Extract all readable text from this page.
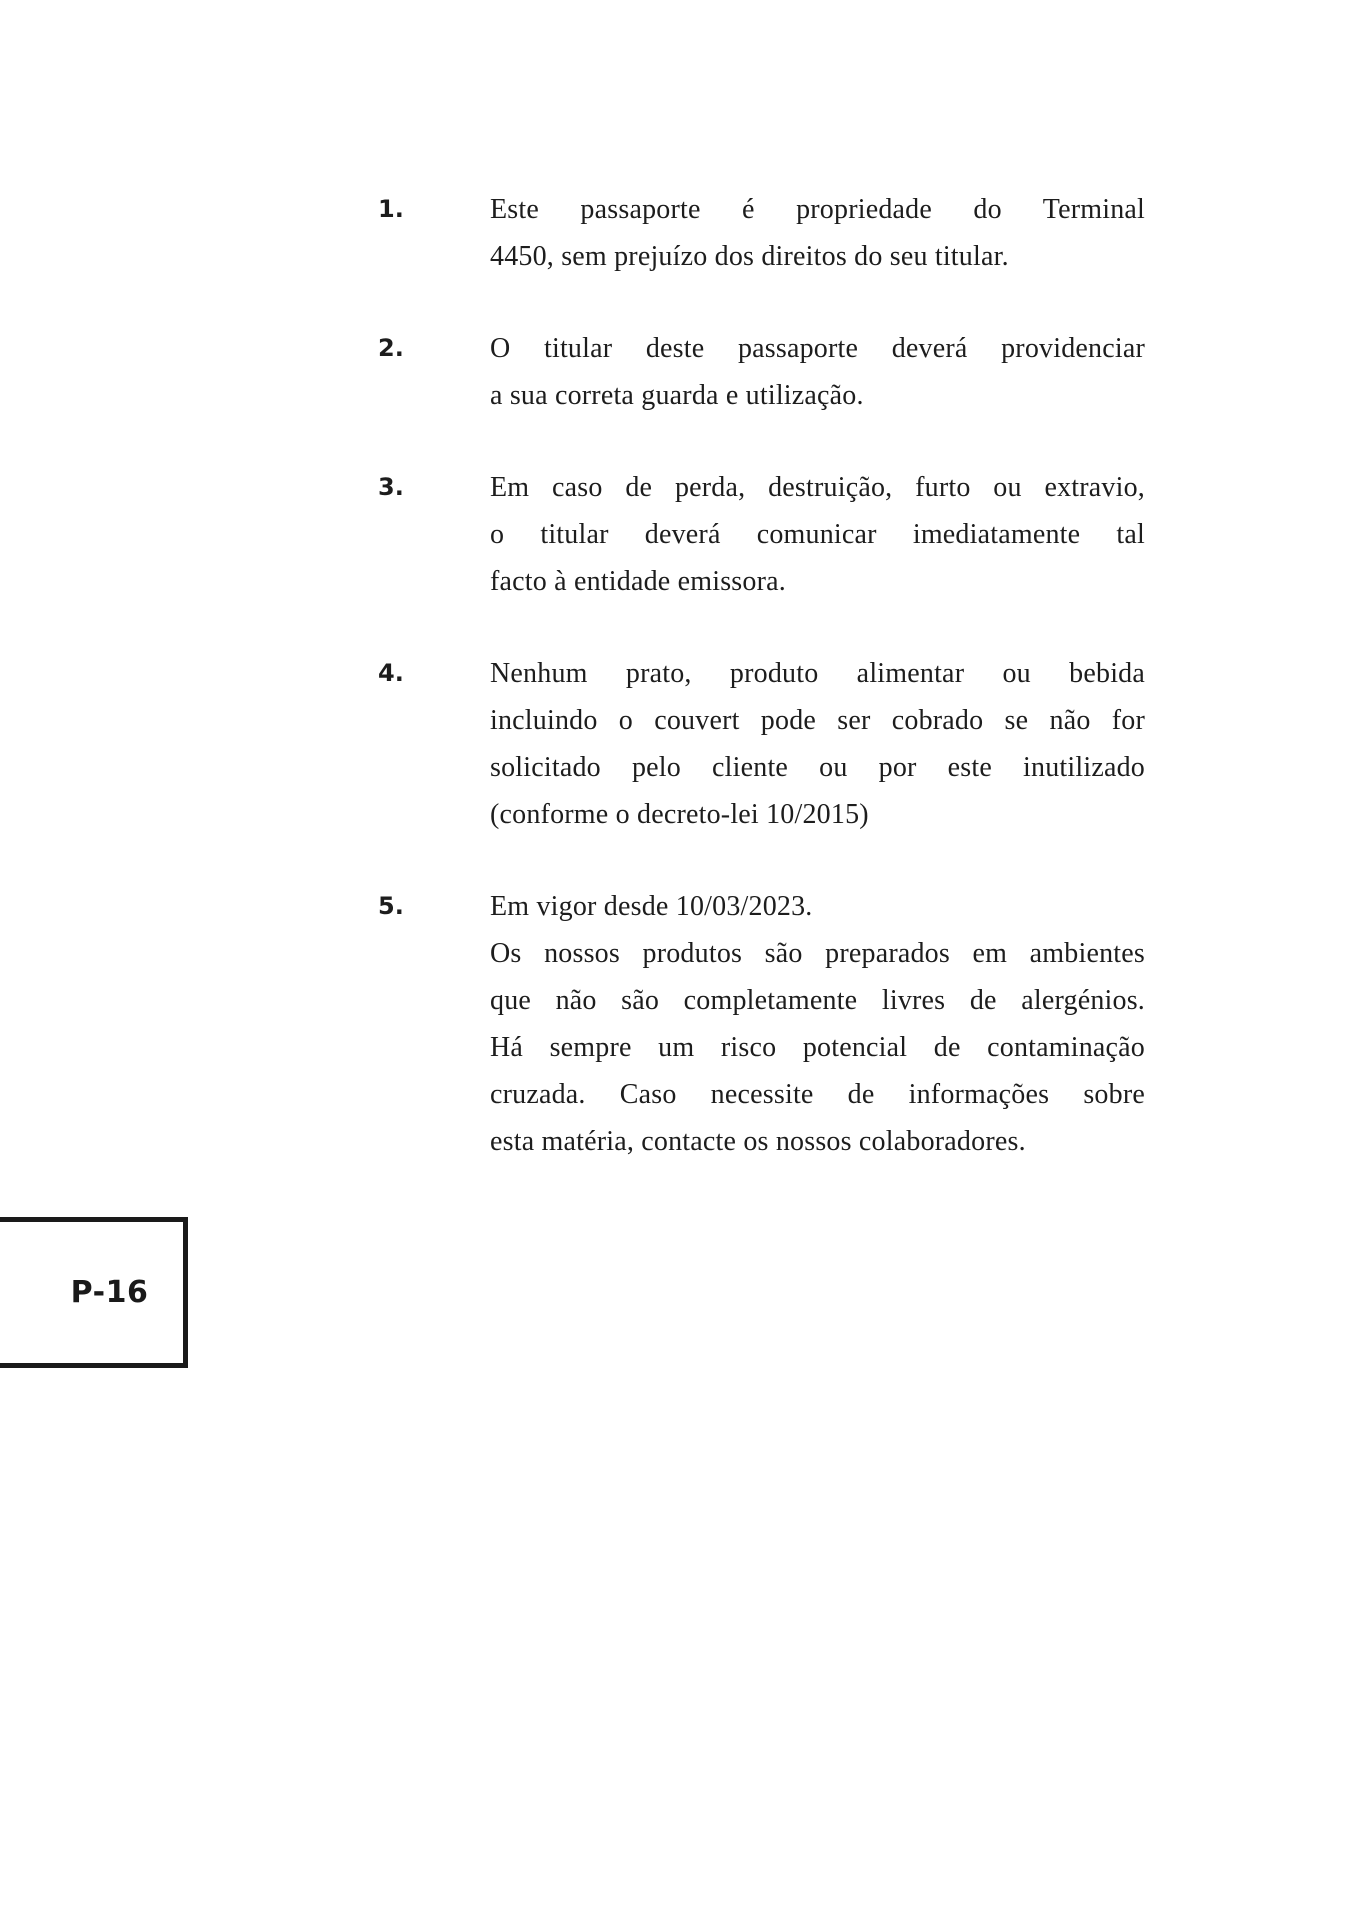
1.	Este passaporte é propriedade do Terminal
4450, sem prejuízo dos direitos do seu titular.
2.	O titular deste passaporte deverá providenciar
a sua correta guarda e utilização.
3.	Em caso de perda, destruição, furto ou extravio,
o titular deverá comunicar imediatamente tal
facto à entidade emissora.
4.	Nenhum prato, produto alimentar ou bebida
incluindo o couvert pode ser cobrado se não for
solicitado pelo cliente ou por este inutilizado
(conforme o decreto-lei 10/2015)
5.	Em vigor desde 10/03/2023.
Os nossos produtos são preparados em ambientes
que não são completamente livres de alergénios.
Há sempre um risco potencial de contaminação
cruzada. Caso necessite de informações sobre
esta matéria, contacte os nossos colaboradores.
P-16
